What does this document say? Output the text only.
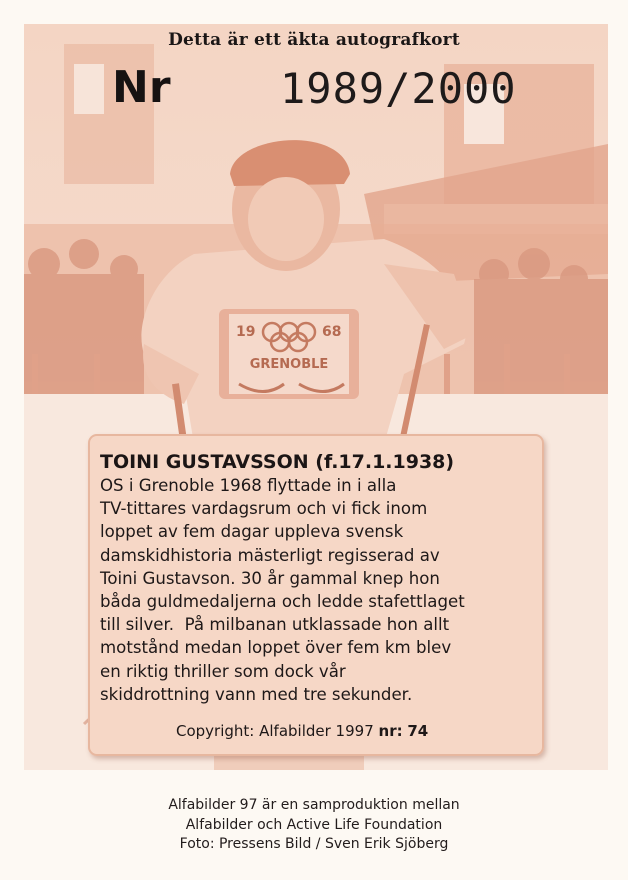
19	68
GRENOBLE
Detta är ett äkta autografkort
Nr	1989/2000
TOINI GUSTAVSSON (f.17.1.1938)

OS i Grenoble 1968 flyttade in i alla

TV-tittares vardagsrum och vi fick inom

loppet av fem dagar uppleva svensk

damskidhistoria mästerligt regisserad av

Toini Gustavson. 30 år gammal knep hon

båda guldmedaljerna och ledde stafettlaget

till silver.  På milbanan utklassade hon allt

motstånd medan loppet över fem km blev

en riktig thriller som dock vår

skiddrottning vann med tre sekunder.

Copyright: Alfabilder 1997 nr: 74
Alfabilder 97 är en samproduktion mellan
Alfabilder och Active Life Foundation
Foto: Pressens Bild / Sven Erik Sjöberg
